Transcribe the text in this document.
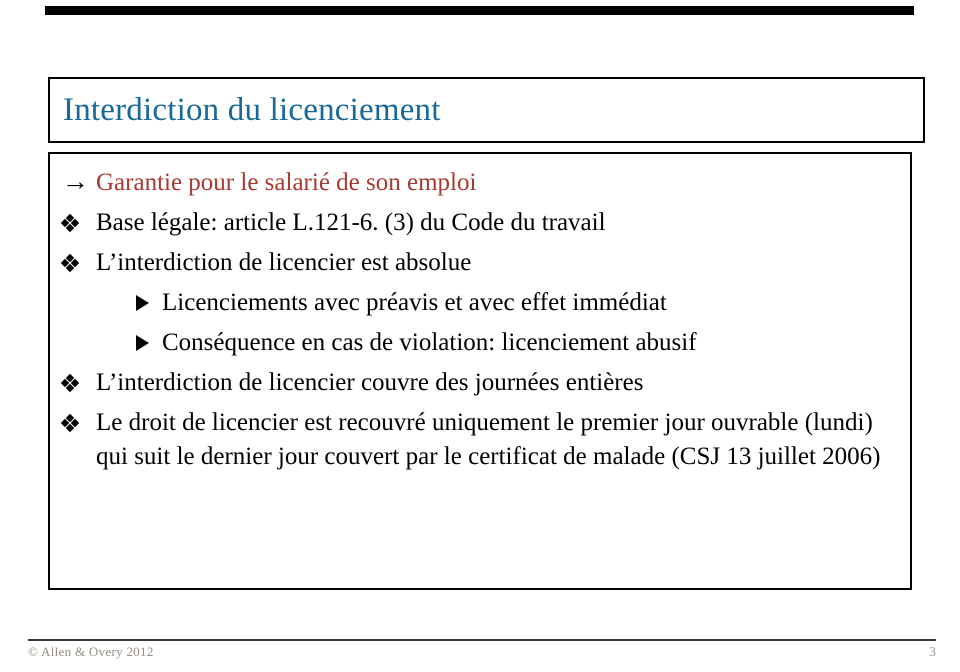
Interdiction du licenciement
→ Garantie pour le salarié de son emploi
Base légale: article L.121-6. (3) du Code du travail
L’interdiction de licencier est absolue
Licenciements avec préavis et avec effet immédiat
Conséquence en cas de violation: licenciement abusif
L’interdiction de licencier couvre des journées entières
Le droit de licencier est recouvré uniquement le premier jour ouvrable (lundi) qui suit le dernier jour couvert par le certificat de malade (CSJ 13 juillet 2006)
© Allen & Overy 2012	3
